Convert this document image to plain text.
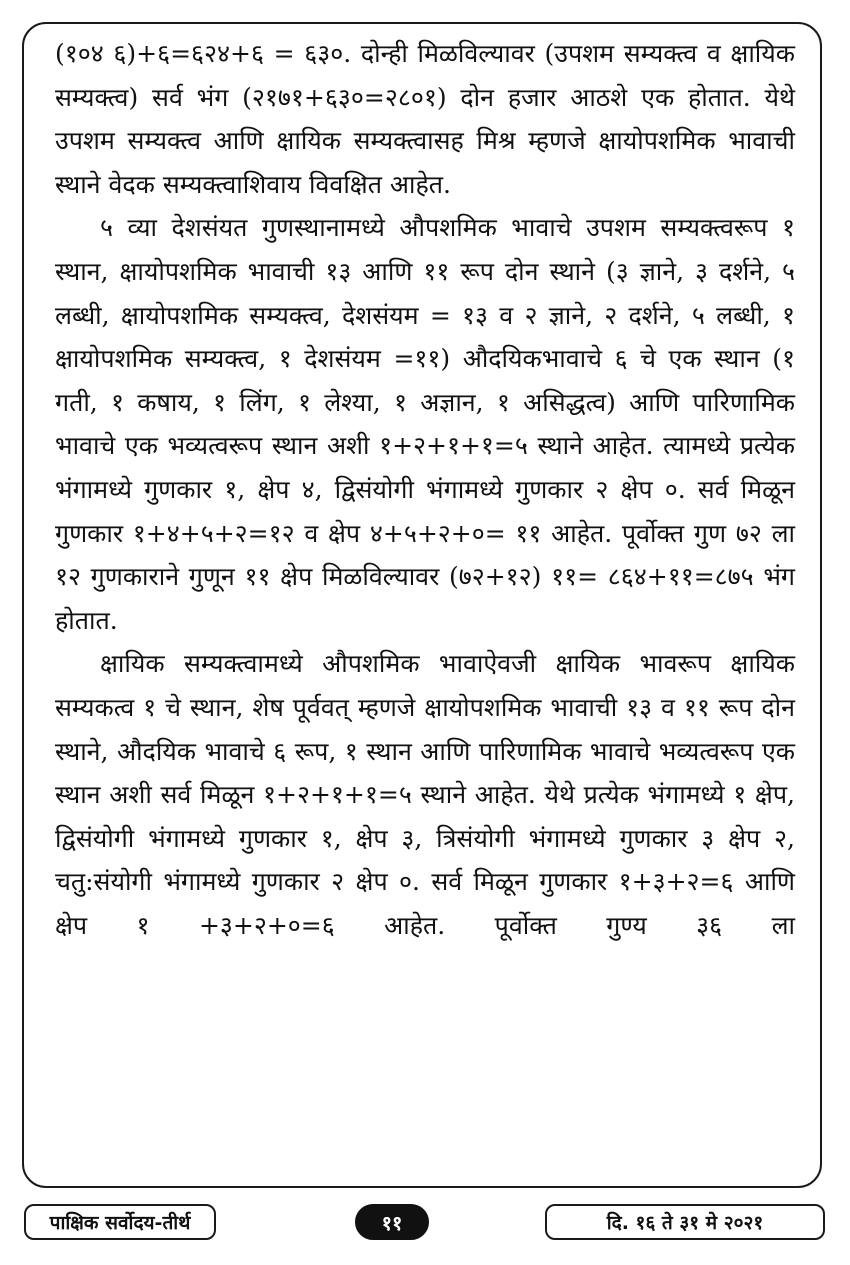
(१०४ ६)+६=६२४+६ = ६३०. दोन्ही मिळविल्यावर (उपशम सम्यक्त्व व क्षायिक सम्यक्त्व) सर्व भंग (२१७१+६३०=२८०१) दोन हजार आठशे एक होतात. येथे उपशम सम्यक्त्व आणि क्षायिक सम्यक्त्वासह मिश्र म्हणजे क्षायोपशमिक भावाची स्थाने वेदक सम्यक्त्वाशिवाय विवक्षित आहेत.

५ व्या देशसंयत गुणस्थानामध्ये औपशमिक भावाचे उपशम सम्यक्त्वरूप १ स्थान, क्षायोपशमिक भावाची १३ आणि ११ रूप दोन स्थाने (३ ज्ञाने, ३ दर्शने, ५ लब्धी, क्षायोपशमिक सम्यक्त्व, देशसंयम = १३ व २ ज्ञाने, २ दर्शने, ५ लब्धी, १ क्षायोपशमिक सम्यक्त्व, १ देशसंयम =११) औदयिकभावाचे ६ चे एक स्थान (१ गती, १ कषाय, १ लिंग, १ लेश्या, १ अज्ञान, १ असिद्धत्व) आणि पारिणामिक भावाचे एक भव्यत्वरूप स्थान अशी १+२+१+१=५ स्थाने आहेत. त्यामध्ये प्रत्येक भंगामध्ये गुणकार १, क्षेप ४, द्विसंयोगी भंगामध्ये गुणकार २ क्षेप ०. सर्व मिळून गुणकार १+४+५+२=१२ व क्षेप ४+५+२+०= ११ आहेत. पूर्वोक्त गुण ७२ ला १२ गुणकाराने गुणून ११ क्षेप मिळविल्यावर (७२+१२) ११= ८६४+११=८७५ भंग होतात.

क्षायिक सम्यक्त्वामध्ये औपशमिक भावाऐवजी क्षायिक भावरूप क्षायिक सम्यकत्व १ चे स्थान, शेष पूर्ववत् म्हणजे क्षायोपशमिक भावाची १३ व ११ रूप दोन स्थाने, औदयिक भावाचे ६ रूप, १ स्थान आणि पारिणामिक भावाचे भव्यत्वरूप एक स्थान अशी सर्व मिळून १+२+१+१=५ स्थाने आहेत. येथे प्रत्येक भंगामध्ये १ क्षेप, द्विसंयोगी भंगामध्ये गुणकार १, क्षेप ३, त्रिसंयोगी भंगामध्ये गुणकार ३ क्षेप २, चतु:संयोगी भंगामध्ये गुणकार २ क्षेप ०. सर्व मिळून गुणकार १+३+२=६ आणि क्षेप १ +३+२+०=६ आहेत. पूर्वोक्त गुण्य ३६ ला

पाक्षिक सर्वोदय-तीर्थ	११	दि. १६ ते ३१ मे २०२१
